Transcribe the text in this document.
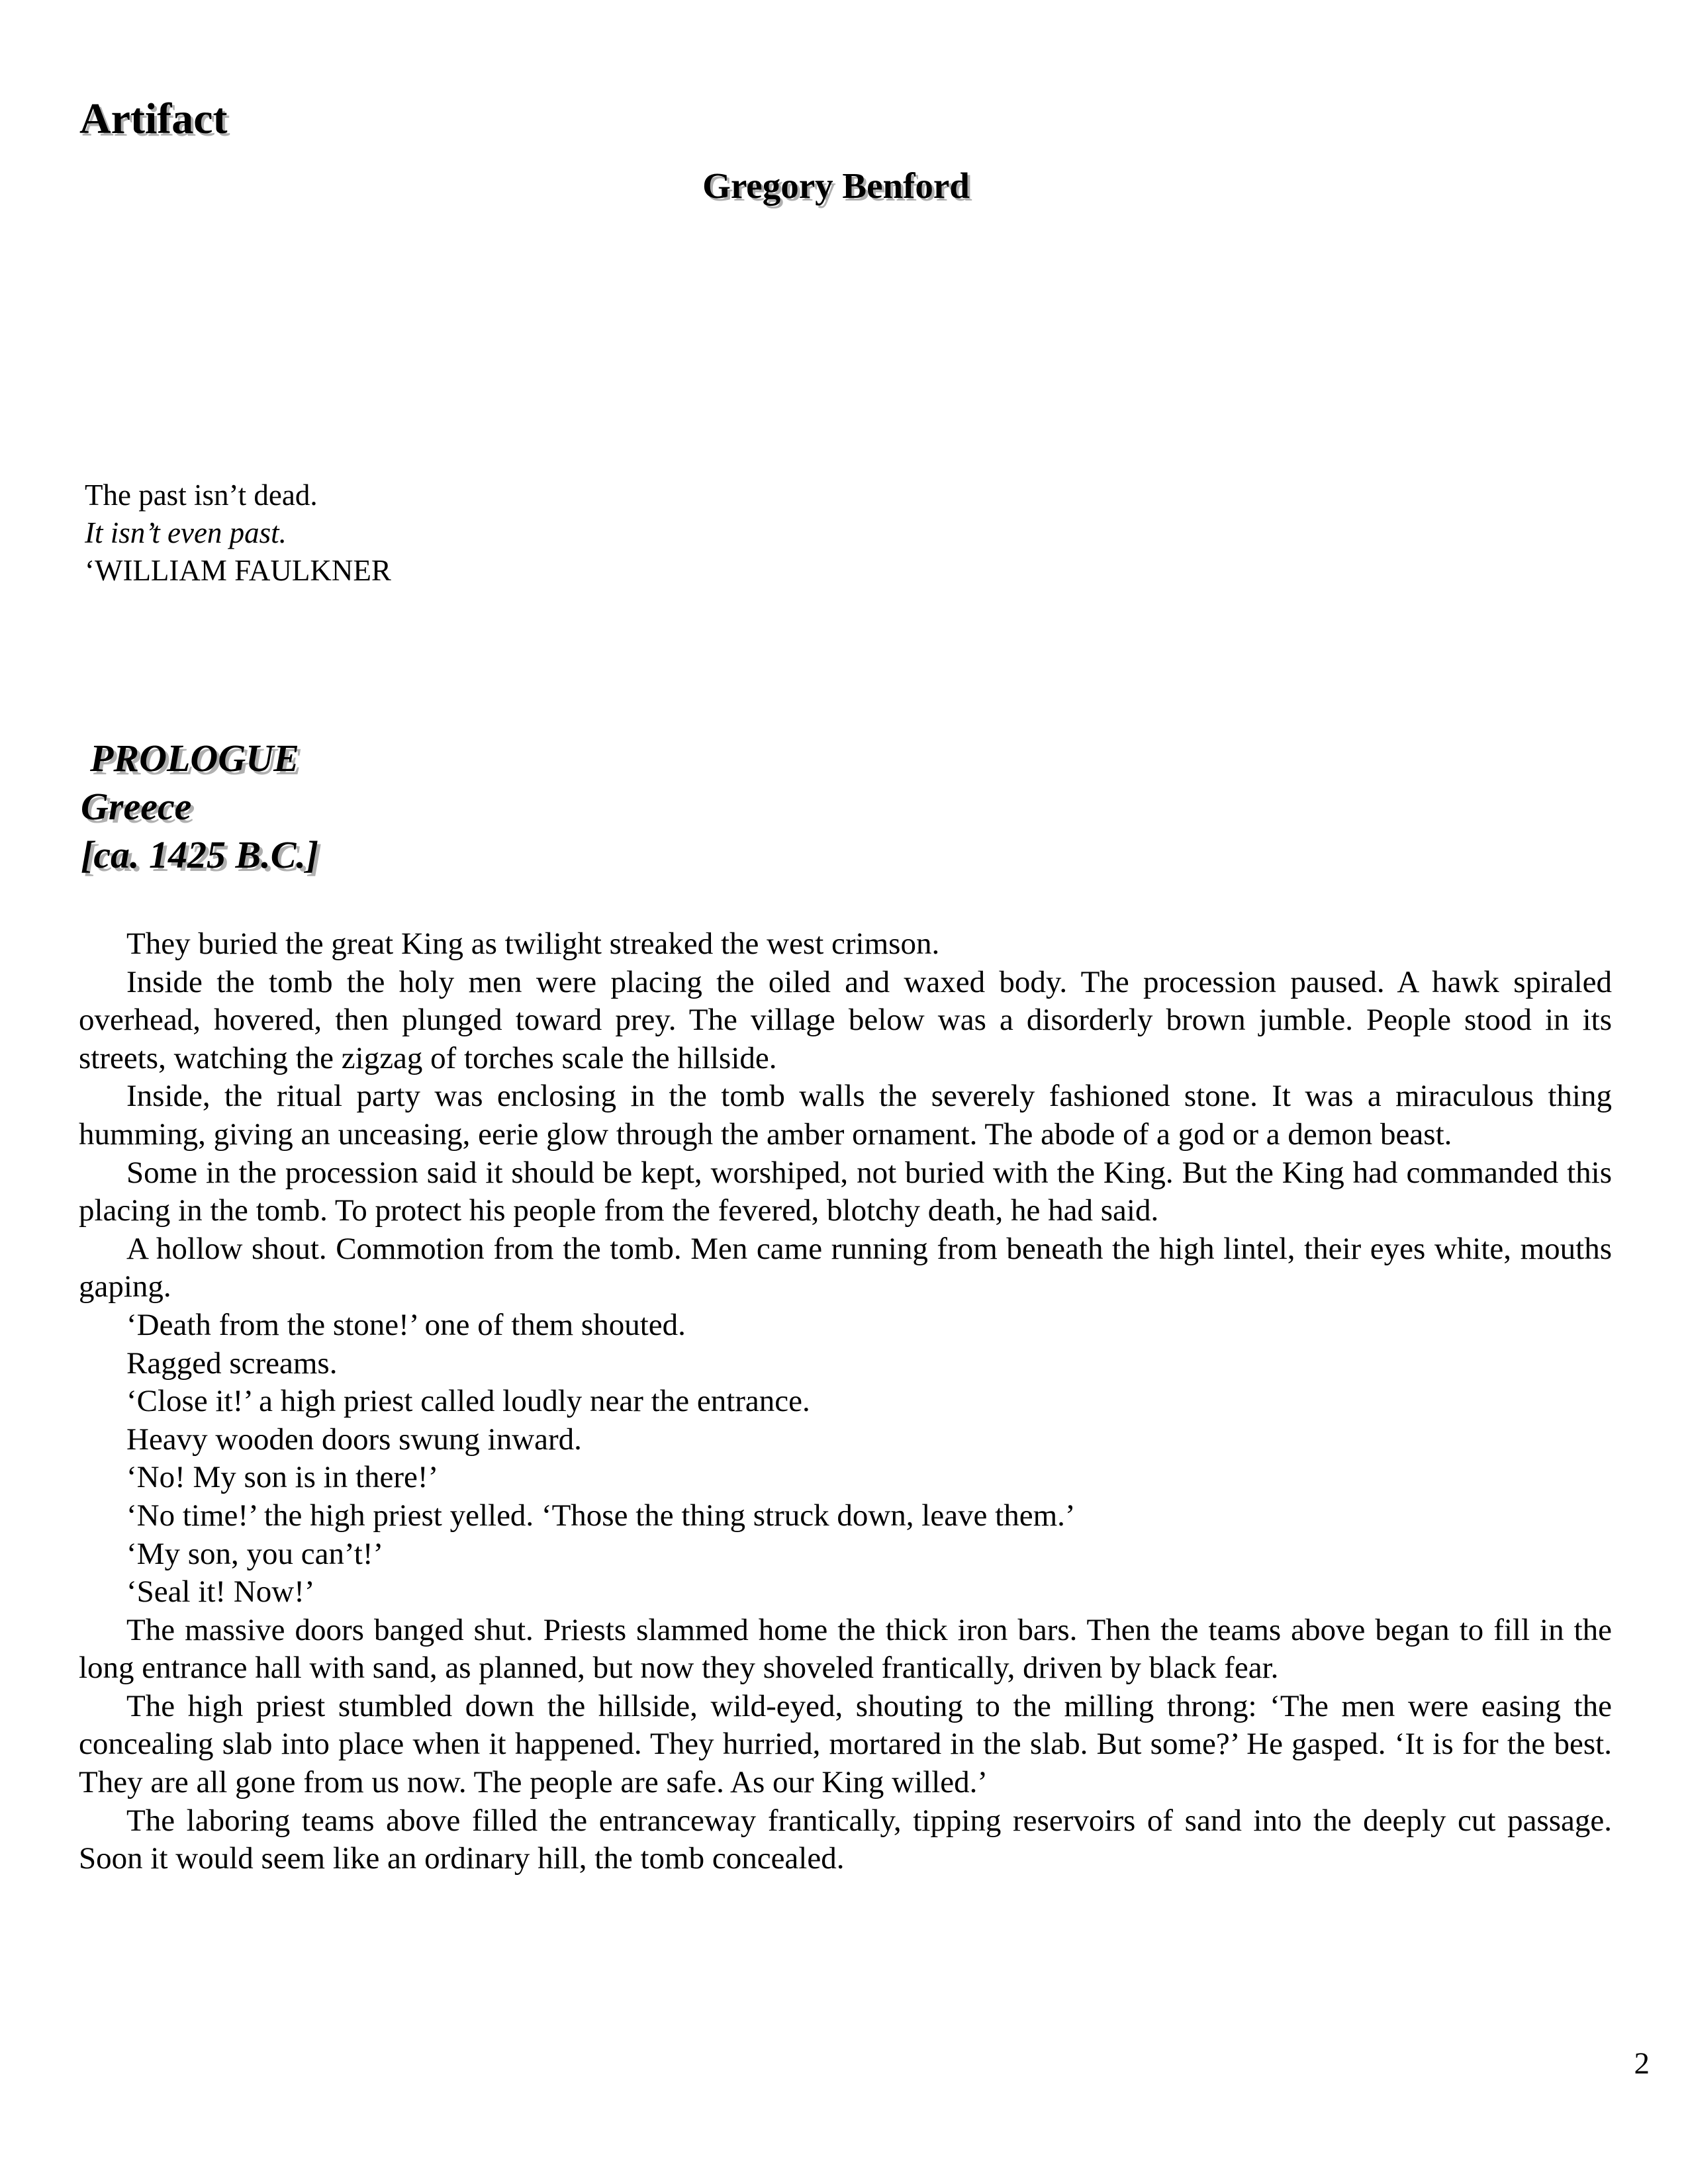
Artifact
Gregory Benford
The past isn’t dead.
It isn’t even past.
‘WILLIAM FAULKNER
PROLOGUE
Greece
[ca. 1425 B.C.]

They buried the great King as twilight streaked the west crimson.

Inside the tomb the holy men were placing the oiled and waxed body. The procession paused. A hawk spiraled overhead, hovered, then plunged toward prey. The village below was a disorderly brown jumble. People stood in its streets, watching the zigzag of torches scale the hillside.

Inside, the ritual party was enclosing in the tomb walls the severely fashioned stone. It was a miraculous thing humming, giving an unceasing, eerie glow through the amber ornament. The abode of a god or a demon beast.

Some in the procession said it should be kept, worshiped, not buried with the King. But the King had commanded this placing in the tomb. To protect his people from the fevered, blotchy death, he had said.

A hollow shout. Commotion from the tomb. Men came running from beneath the high lintel, their eyes white, mouths gaping.

‘Death from the stone!’ one of them shouted.

Ragged screams.

‘Close it!’ a high priest called loudly near the entrance.

Heavy wooden doors swung inward.

‘No! My son is in there!’

‘No time!’ the high priest yelled. ‘Those the thing struck down, leave them.’

‘My son, you can’t!’

‘Seal it! Now!’

The massive doors banged shut. Priests slammed home the thick iron bars. Then the teams above began to fill in the long entrance hall with sand, as planned, but now they shoveled frantically, driven by black fear.

The high priest stumbled down the hillside, wild-eyed, shouting to the milling throng: ‘The men were easing the concealing slab into place when it happened. They hurried, mortared in the slab. But some?’ He gasped. ‘It is for the best. They are all gone from us now. The people are safe. As our King willed.’

The laboring teams above filled the entranceway frantically, tipping reservoirs of sand into the deeply cut passage. Soon it would seem like an ordinary hill, the tomb concealed.

2
